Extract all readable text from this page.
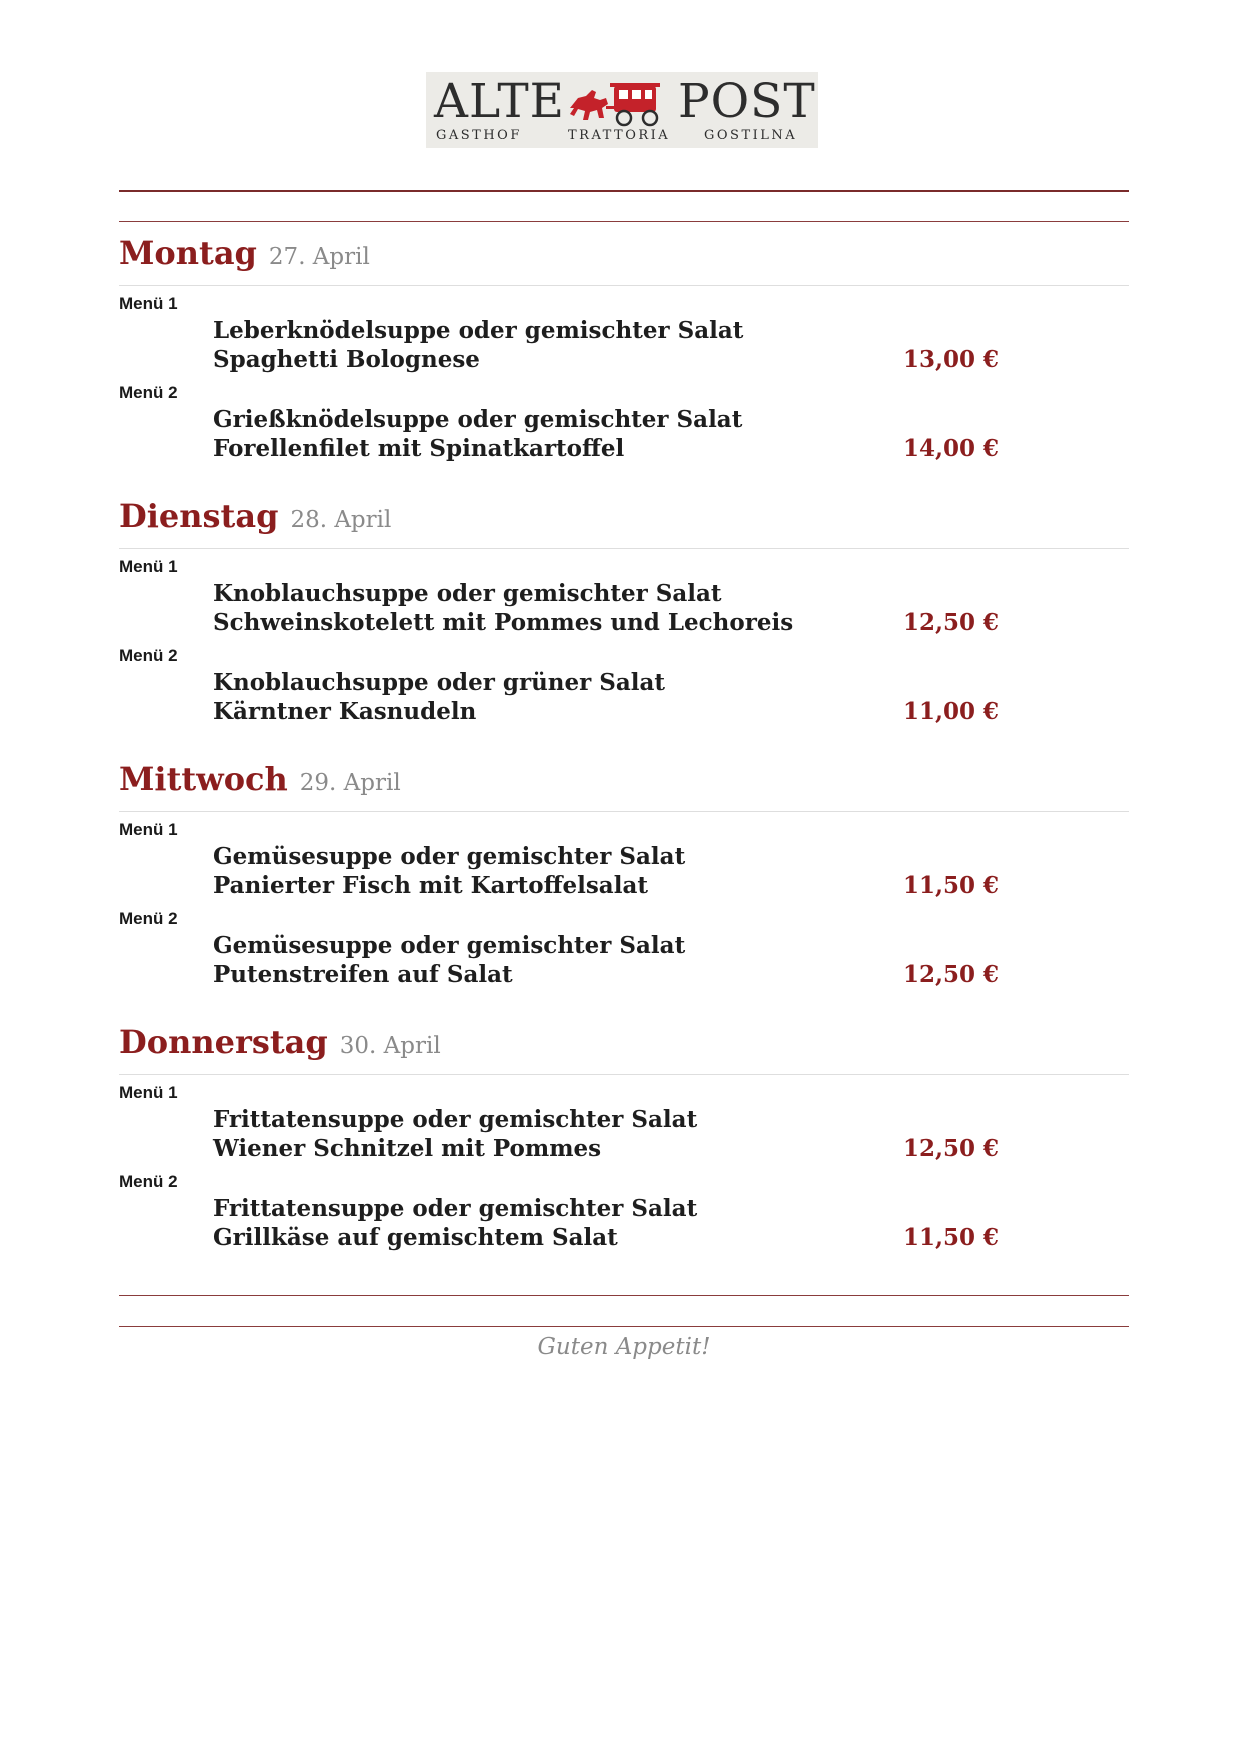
ALTE POST
GASTHOF	TRATTORIA	GOSTILNA
Montag 27. April
Menü 1
Leberknödelsuppe oder gemischter Salat
Spaghetti Bolognese	13,00 €
Menü 2
Grießknödelsuppe oder gemischter Salat
Forellenfilet mit Spinatkartoffel	14,00 €
Dienstag 28. April
Menü 1
Knoblauchsuppe oder gemischter Salat
Schweinskotelett mit Pommes und Lechoreis	12,50 €
Menü 2
Knoblauchsuppe oder grüner Salat
Kärntner Kasnudeln	11,00 €
Mittwoch 29. April
Menü 1
Gemüsesuppe oder gemischter Salat
Panierter Fisch mit Kartoffelsalat	11,50 €
Menü 2
Gemüsesuppe oder gemischter Salat
Putenstreifen auf Salat	12,50 €
Donnerstag 30. April
Menü 1
Frittatensuppe oder gemischter Salat
Wiener Schnitzel mit Pommes	12,50 €
Menü 2
Frittatensuppe oder gemischter Salat
Grillkäse auf gemischtem Salat	11,50 €
Guten Appetit!
